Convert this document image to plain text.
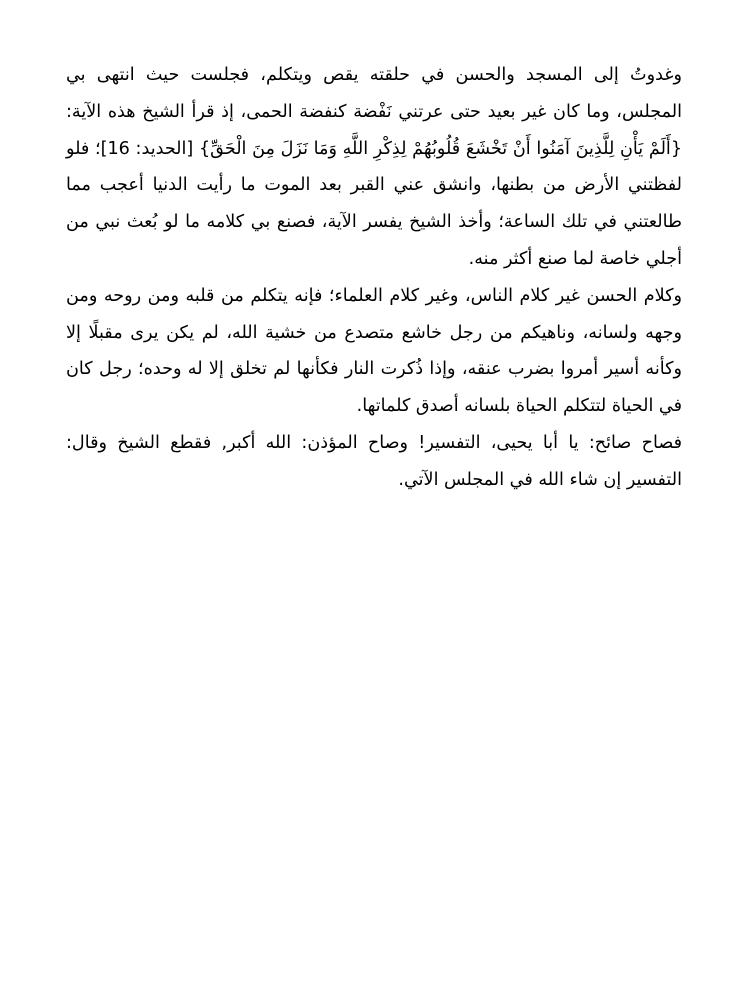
وغدوتُ إلى المسجد والحسن في حلقته يقص ويتكلم، فجلست حيث انتهى بي المجلس، وما كان غير بعيد حتى عرتني نَفْضة كنفضة الحمى، إذ قرأ الشيخ هذه الآية: {أَلَمْ يَأْنِ لِلَّذِينَ آمَنُوا أَنْ تَخْشَعَ قُلُوبُهُمْ لِذِكْرِ اللَّهِ وَمَا نَزَلَ مِنَ الْحَقِّ} [الحديد: 16]؛ فلو لفظتني الأرض من بطنها، وانشق عني القبر بعد الموت ما رأيت الدنيا أعجب مما طالعتني في تلك الساعة؛ وأخذ الشيخ يفسر الآية، فصنع بي كلامه ما لو بُعث نبي من أجلي خاصة لما صنع أكثر منه.

وكلام الحسن غير كلام الناس، وغير كلام العلماء؛ فإنه يتكلم من قلبه ومن روحه ومن وجهه ولسانه، وناهيكم من رجل خاشع متصدع من خشية الله، لم يكن يرى مقبلًا إلا وكأنه أسير أمروا بضرب عنقه، وإذا ذُكرت النار فكأنها لم تخلق إلا له وحده؛ رجل كان في الحياة لتتكلم الحياة بلسانه أصدق كلماتها.

فصاح صائح: يا أبا يحيى، التفسير! وصاح المؤذن: الله أكبر, فقطع الشيخ وقال: التفسير إن شاء الله في المجلس الآتي.
